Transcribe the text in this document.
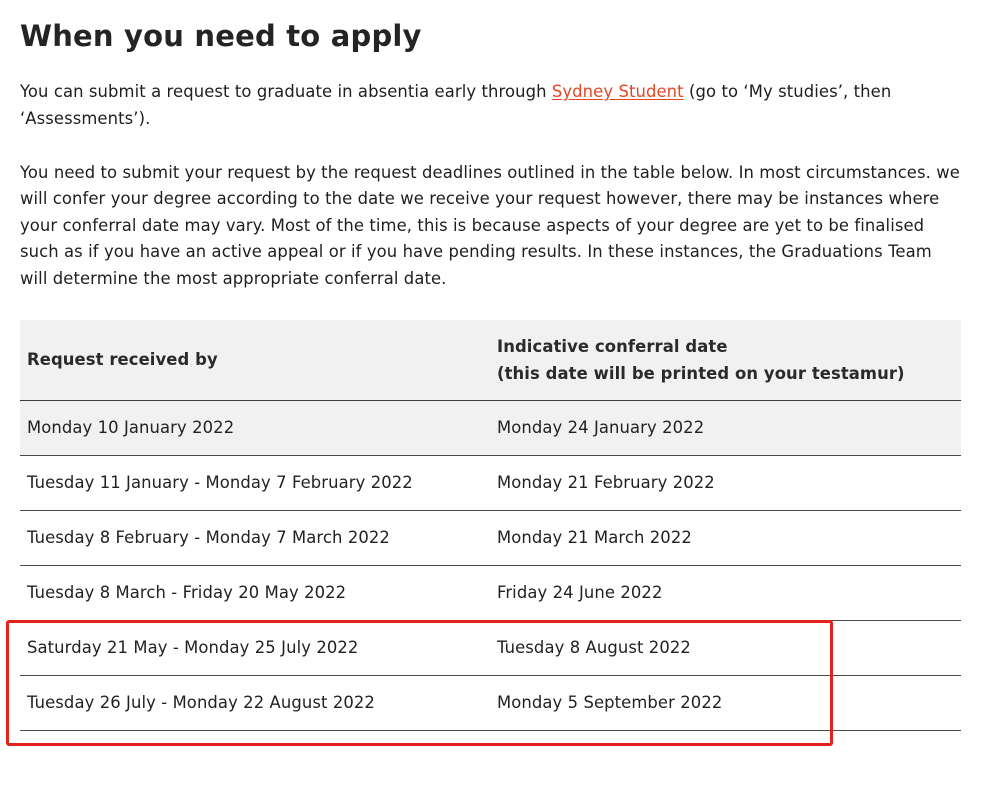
When you need to apply

You can submit a request to graduate in absentia early through Sydney Student (go to ‘My studies’, then ‘Assessments’).

You need to submit your request by the request deadlines outlined in the table below. In most circumstances. we will confer your degree according to the date we receive your request however, there may be instances where your conferral date may vary. Most of the time, this is because aspects of your degree are yet to be finalised such as if you have an active appeal or if you have pending results. In these instances, the Graduations Team will determine the most appropriate conferral date.

Request received by	Indicative conferral date
(this date will be printed on your testamur)
Monday 10 January 2022	Monday 24 January 2022
Tuesday 11 January - Monday 7 February 2022	Monday 21 February 2022
Tuesday 8 February - Monday 7 March 2022	Monday 21 March 2022
Tuesday 8 March - Friday 20 May 2022	Friday 24 June 2022
Saturday 21 May - Monday 25 July 2022	Tuesday 8 August 2022
Tuesday 26 July - Monday 22 August 2022	Monday 5 September 2022
